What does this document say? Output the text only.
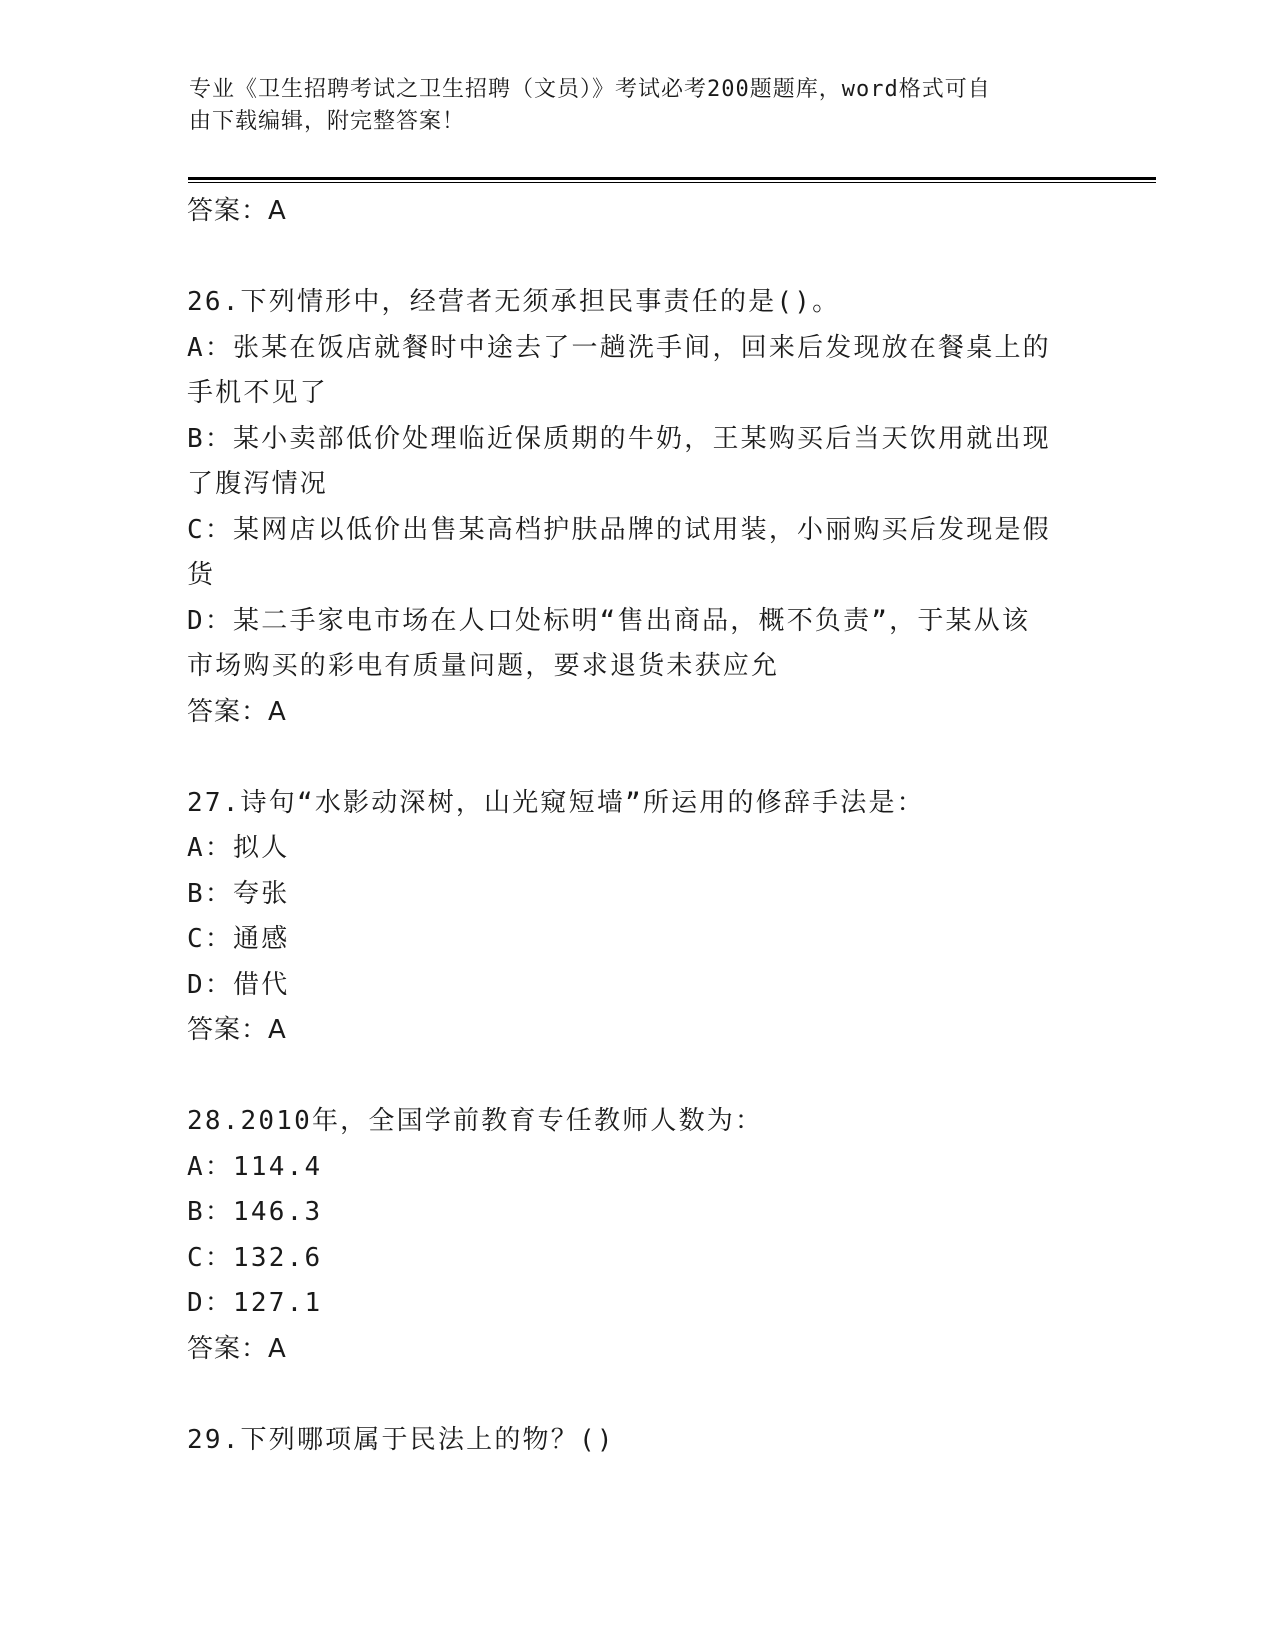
专业《卫生招聘考试之卫生招聘（文员）》考试必考200题题库，word格式可自
由下载编辑，附完整答案！
答案：A
26.下列情形中，经营者无须承担民事责任的是()。
A：张某在饭店就餐时中途去了一趟洗手间，回来后发现放在餐桌上的
手机不见了
B：某小卖部低价处理临近保质期的牛奶，王某购买后当天饮用就出现
了腹泻情况
C：某网店以低价出售某高档护肤品牌的试用装，小丽购买后发现是假
货
D：某二手家电市场在人口处标明“售出商品，概不负责”，于某从该
市场购买的彩电有质量问题，要求退货未获应允
答案：A
27.诗句“水影动深树，山光窥短墙”所运用的修辞手法是：
A：拟人
B：夸张
C：通感
D：借代
答案：A
28.2010年，全国学前教育专任教师人数为：
A：114.4
B：146.3
C：132.6
D：127.1
答案：A
29.下列哪项属于民法上的物？()
